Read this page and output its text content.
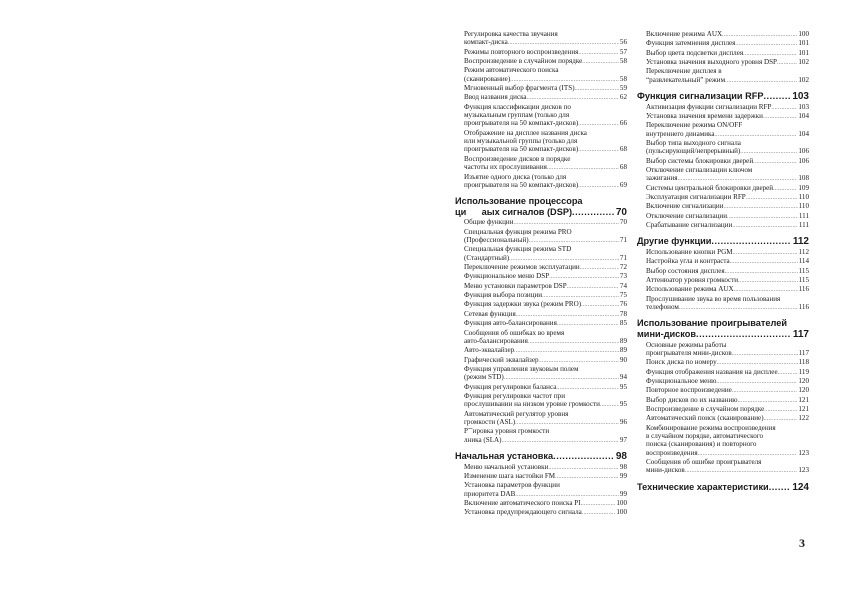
Регулировка качества звучания
компакт-диска .....	56
Режимы повторного воспроизведения .....	57
Воспроизведение в случайном порядке .....	58
Режим автоматического поиска
(сканирование) .....	58
Мгновенный выбор фрагмента (ITS) .....	59
Ввод названия диска .....	62
Функция классификации дисков по
музыкальным группам (только для
проигрывателя на 50 компакт-дисков) .....	66
Отображение на дисплее названия диска
или музыкальной группы (только для
проигрывателя на 50 компакт-дисков) .....	68
Воспроизведение дисков в порядке
частоты их прослушивания .....	68
Изъятие одного диска (только для
проигрывателя на 50 компакт-дисков) .....	69
Использование процессора
ци      аых сигналов (DSP) .....	70
Общие функции .....	70
Специальная функция режима PRO
(Профессиональный) .....	71
Специальная функция режима STD
(Стандартный) .....	71
Переключение режимов эксплуатации .....	72
Функциональное меню DSP .....	73
Меню установки параметров DSP .....	74
Функция выбора позиции .....	75
Функция задержки звука (режим PRO) .....	76
Сетевая функция .....	78
Функция авто-балансирования .....	85
Сообщения об ошибках во время
авто-балансирования .....	89
Авто-эквалайзер .....	89
Графический эквалайзер .....	90
Функция управления звуковым полем
(режим STD) .....	94
Функция регулировки баланса .....	95
Функция регулировки частот при
прослушивании на низком уровне громкости .....	95
Автоматический регулятор уровня
громкости (ASL) .....	96
Р˜˜ировка уровня громкости
лника (SLA) .....	97
Начальная установка .....	98
Меню начальной установки .....	98
Изменение шага настойки FM .....	99
Установка параметров функции
приоритета DAB .....	99
Включение автоматического поиска PI .....	100
Установка предупреждающего сигнала .....	100
Включение режима AUX .....	100
Функция затемнения дисплея .....	101
Выбор цвета подсветки дисплея .....	101
Установка значения выходного уровня DSP .....	102
Переключение дисплея в
“развлекательный” режим .....	102
Функция сигнализации RFP .....	103
Активизация функции сигнализации RFP .....	103
Установка значения времени задержки .....	104
Переключение режима ON/OFF
внутреннего динамика .....	104
Выбор типа выходного сигнала
(пульсирующий/непрерывный) .....	106
Выбор системы блокировки дверей .....	106
Отключение сигнализации ключом
зажигания .....	108
Системы центральной блокировки дверей .....	109
Эксплуатация сигнализации RFP .....	110
Включение сигнализации .....	110
Отключение сигнализации .....	111
Срабатывание сигнализации .....	111
Другие функции .....	112
Использование кнопки PGM .....	112
Настройка угла и контраста .....	114
Выбор состояния дисплея .....	115
Аттенюатор уровня громкости .....	115
Использование режима AUX .....	116
Прослушивание звука во время пользования
телефоном .....	116
Использование проигрывателей
мини-дисков .....	117
Основные режимы работы
проигрывателя мини-дисков .....	117
Поиск диска по номеру .....	118
Функция отображения названия на дисплее .....	119
Функциональное меню .....	120
Повторное воспроизведение .....	120
Выбор дисков по их названию .....	121
Воспроизведение в случайном порядке .....	121
Автоматический поиск (сканирование) .....	122
Комбинирование режима воспроизведения
в случайном порядке, автоматического
поиска (сканирования) и повторного
воспроизведения .....	123
Сообщения об ошибке проигрывателя
мини-дисков .....	123
Технические характеристики ..... 124
3
